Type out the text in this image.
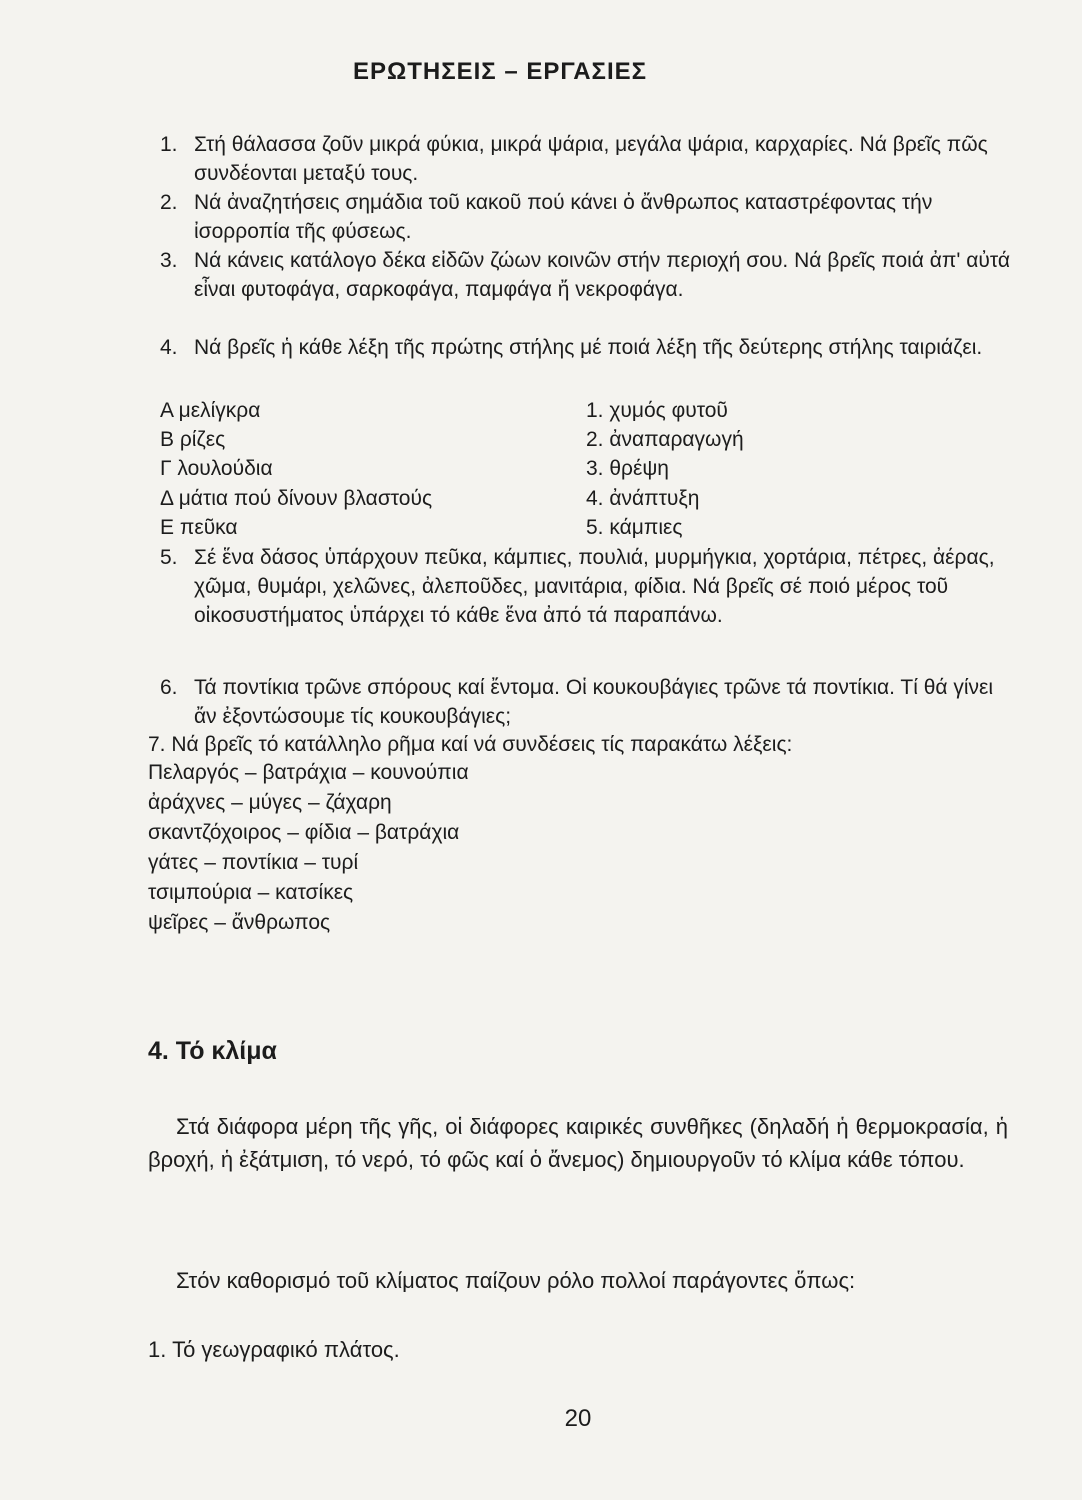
ΕΡΩΤΗΣΕΙΣ – ΕΡΓΑΣΙΕΣ
1. Στή θάλασσα ζοῦν μικρά φύκια, μικρά ψάρια, μεγάλα ψάρια, καρχαρίες. Νά βρεῖς πῶς συνδέονται μεταξύ τους.
2. Νά ἀναζητήσεις σημάδια τοῦ κακοῦ πού κάνει ὁ ἄνθρωπος καταστρέφοντας τήν ἰσορροπία τῆς φύσεως.
3. Νά κάνεις κατάλογο δέκα εἰδῶν ζώων κοινῶν στήν περιοχή σου. Νά βρεῖς ποιά ἀπ' αὐτά εἶναι φυτοφάγα, σαρκοφάγα, παμφάγα ἤ νεκροφάγα.
4. Νά βρεῖς ἡ κάθε λέξη τῆς πρώτης στήλης μέ ποιά λέξη τῆς δεύτερης στήλης ταιριάζει.
Α μελίγκρα	1. χυμός φυτοῦ
Β ρίζες	2. ἀναπαραγωγή
Γ λουλούδια	3. θρέψη
Δ μάτια πού δίνουν βλαστούς	4. ἀνάπτυξη
Ε πεῦκα	5. κάμπιες
5. Σέ ἕνα δάσος ὑπάρχουν πεῦκα, κάμπιες, πουλιά, μυρμήγκια, χορτάρια, πέτρες, ἀέρας, χῶμα, θυμάρι, χελῶνες, ἀλεποῦδες, μανιτάρια, φίδια. Νά βρεῖς σέ ποιό μέρος τοῦ οἰκοσυστήματος ὑπάρχει τό κάθε ἕνα ἀπό τά παραπάνω.
6. Τά ποντίκια τρῶνε σπόρους καί ἔντομα. Οἱ κουκουβάγιες τρῶνε τά ποντίκια. Τί θά γίνει ἄν ἐξοντώσουμε τίς κουκουβάγιες;
7. Νά βρεῖς τό κατάλληλο ρῆμα καί νά συνδέσεις τίς παρακάτω λέξεις:
Πελαργός – βατράχια – κουνούπια
ἀράχνες – μύγες – ζάχαρη
σκαντζόχοιρος – φίδια – βατράχια
γάτες – ποντίκια – τυρί
τσιμπούρια – κατσίκες
ψεῖρες – ἄνθρωπος
4. Τό κλίμα
Στά διάφορα μέρη τῆς γῆς, οἱ διάφορες καιρικές συνθῆκες (δηλαδή ἡ θερμοκρασία, ἡ βροχή, ἡ ἐξάτμιση, τό νερό, τό φῶς καί ὁ ἄνεμος) δημιουργοῦν τό κλίμα κάθε τόπου.
Στόν καθορισμό τοῦ κλίματος παίζουν ρόλο πολλοί παράγοντες ὅπως:
1. Τό γεωγραφικό πλάτος.
20
